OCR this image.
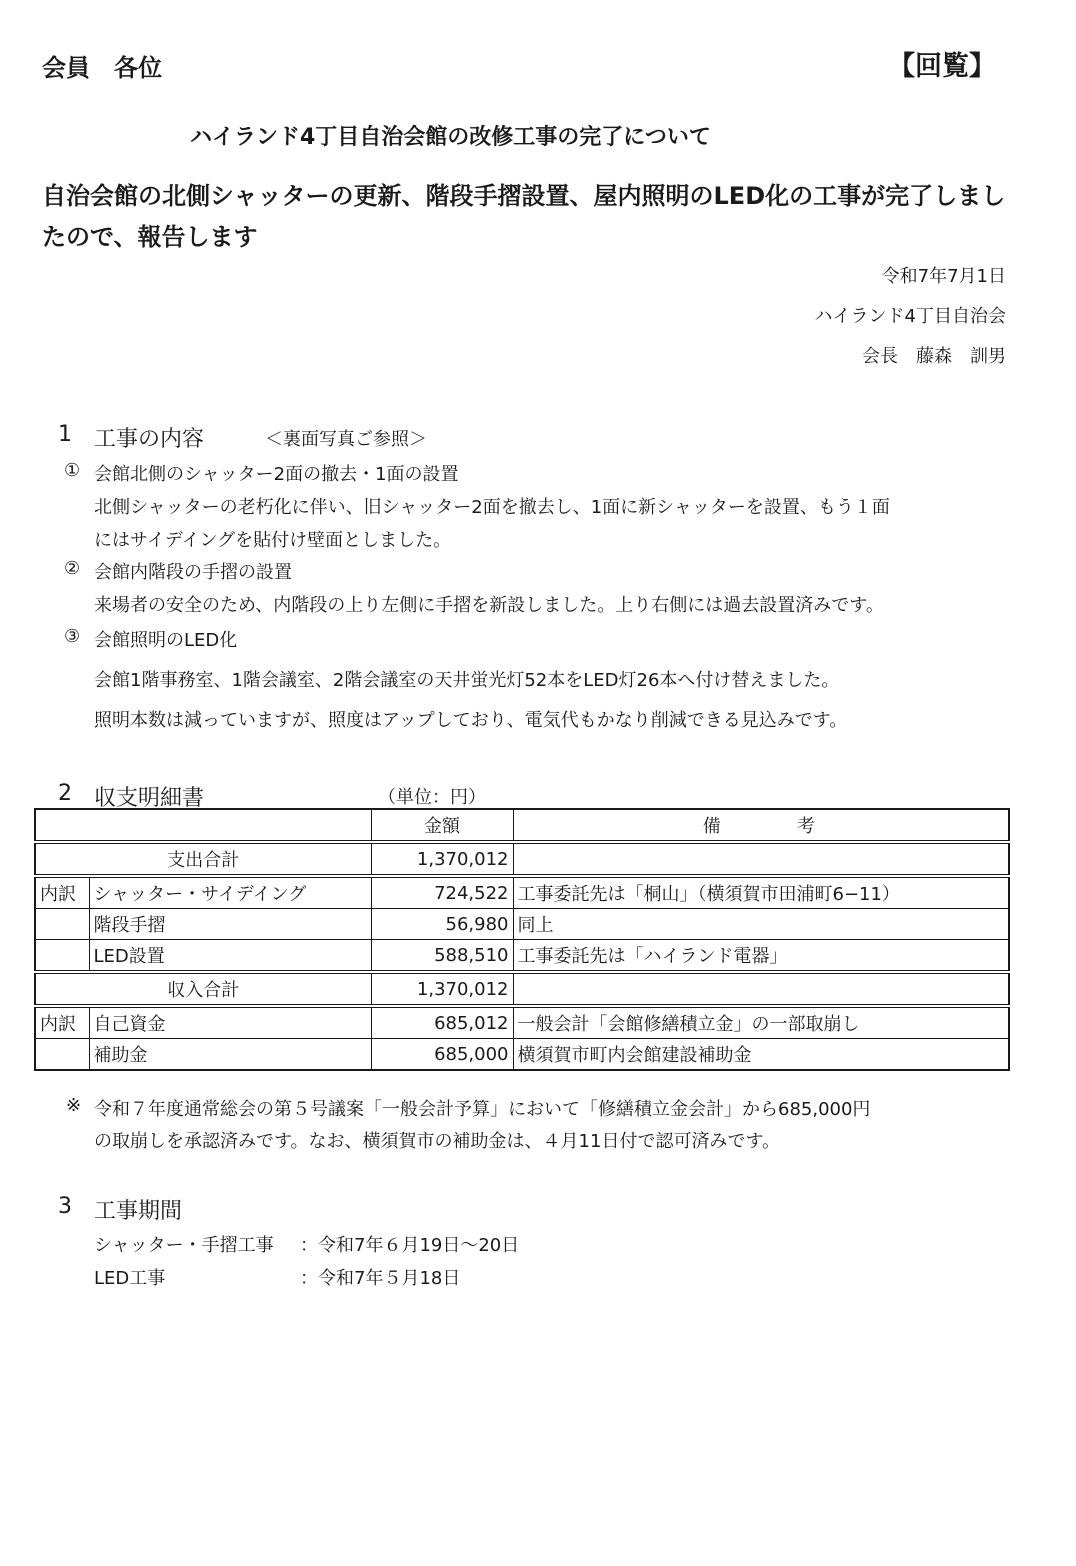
会員　各位	【回覧】
ハイランド4丁目自治会館の改修工事の完了について
自治会館の北側シャッターの更新、階段手摺設置、屋内照明のLED化の工事が完了しましたので、報告します
令和7年7月1日
ハイランド4丁目自治会
会長　藤森　訓男
1 工事の内容	＜裏面写真ご参照＞
① 会館北側のシャッター2面の撤去・1面の設置
北側シャッターの老朽化に伴い、旧シャッター2面を撤去し、1面に新シャッターを設置、もう１面
にはサイデイングを貼付け壁面としました。
② 会館内階段の手摺の設置
来場者の安全のため、内階段の上り左側に手摺を新設しました。上り右側には過去設置済みです。
③ 会館照明のLED化
会館1階事務室、1階会議室、2階会議室の天井蛍光灯52本をLED灯26本へ付け替えました。
照明本数は減っていますが、照度はアップしており、電気代もかなり削減できる見込みです。
2 収支明細書	（単位：円）
		金額	備考
支出合計		1,370,012	
内訳	シャッター・サイデイング	724,522	工事委託先は「桐山」（横須賀市田浦町6−11）
	階段手摺	56,980	同上
	LED設置	588,510	工事委託先は「ハイランド電器」
収入合計		1,370,012	
内訳	自己資金	685,012	一般会計「会館修繕積立金」の一部取崩し
	補助金	685,000	横須賀市町内会館建設補助金
※ 令和７年度通常総会の第５号議案「一般会計予算」において「修繕積立金会計」から685,000円
の取崩しを承認済みです。なお、横須賀市の補助金は、４月11日付で認可済みです。
3 工事期間
シャッター・手摺工事 ：令和7年６月19日～20日
LED工事	：令和7年５月18日
